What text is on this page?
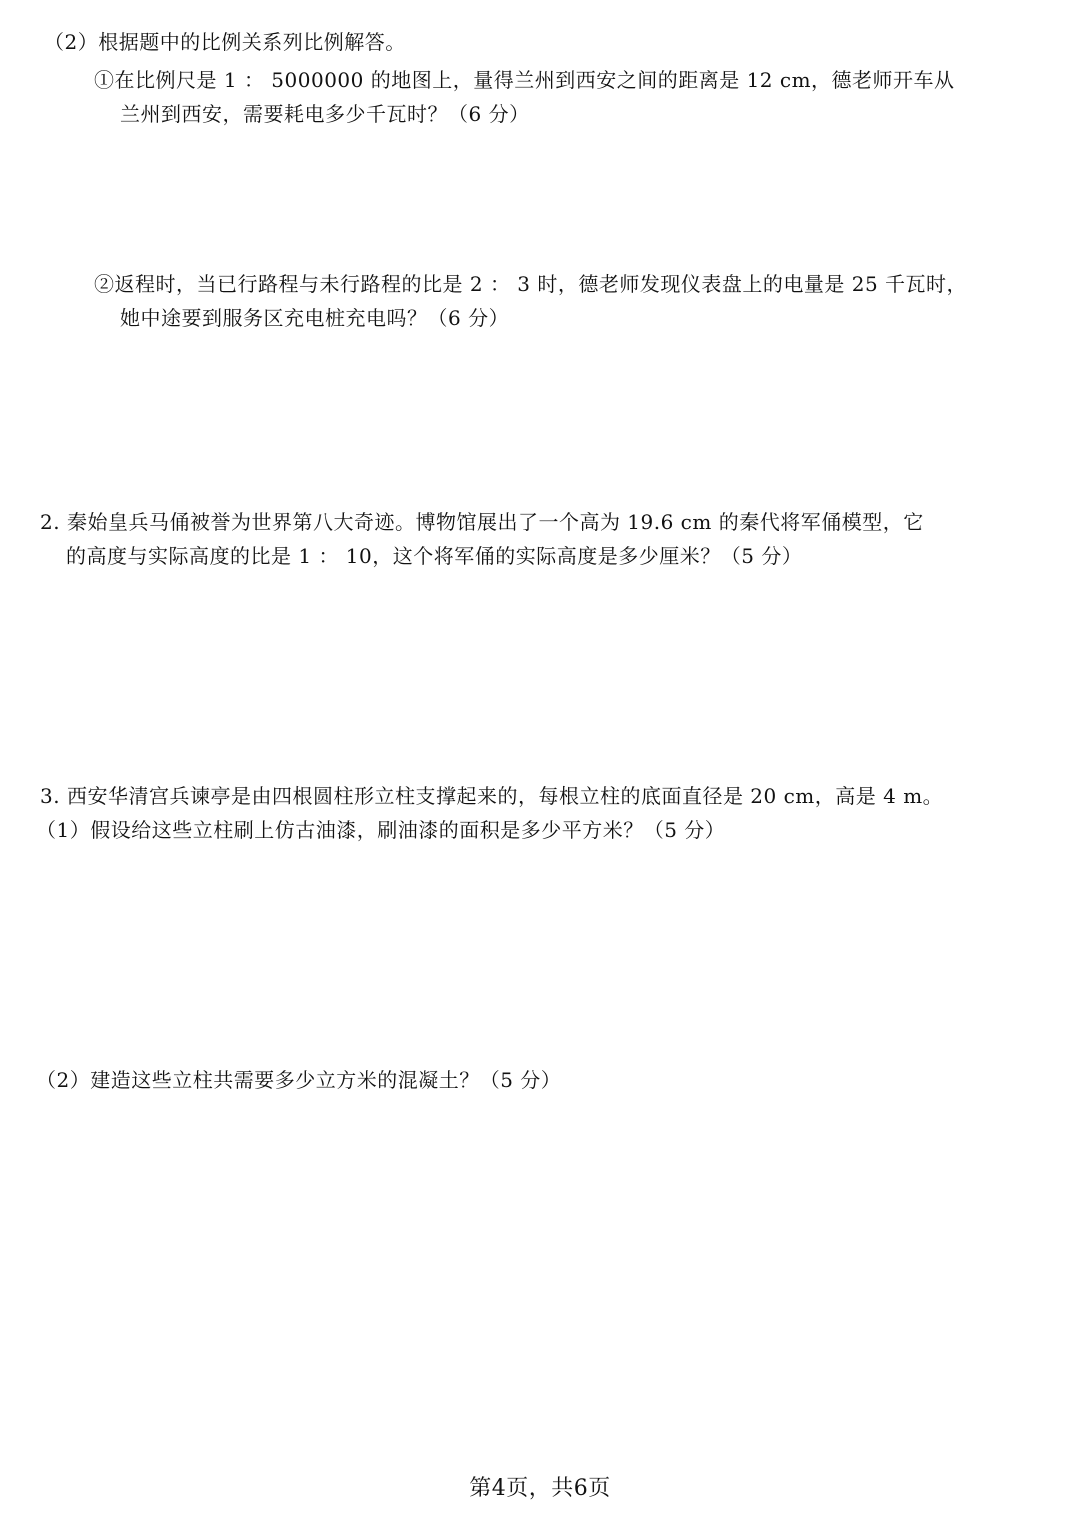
（2）根据题中的比例关系列比例解答。
①在比例尺是 1 ： 5000000 的地图上，量得兰州到西安之间的距离是 12 cm，德老师开车从
兰州到西安，需要耗电多少千瓦时？（6 分）
②返程时，当已行路程与未行路程的比是 2 ： 3 时，德老师发现仪表盘上的电量是 25 千瓦时，
她中途要到服务区充电桩充电吗？（6 分）
2. 秦始皇兵马俑被誉为世界第八大奇迹。博物馆展出了一个高为 19.6 cm 的秦代将军俑模型，它
的高度与实际高度的比是 1 ： 10，这个将军俑的实际高度是多少厘米？（5 分）
3. 西安华清宫兵谏亭是由四根圆柱形立柱支撑起来的，每根立柱的底面直径是 20 cm，高是 4 m。
（1）假设给这些立柱刷上仿古油漆，刷油漆的面积是多少平方米？（5 分）
（2）建造这些立柱共需要多少立方米的混凝土？（5 分）
第4页，共6页
